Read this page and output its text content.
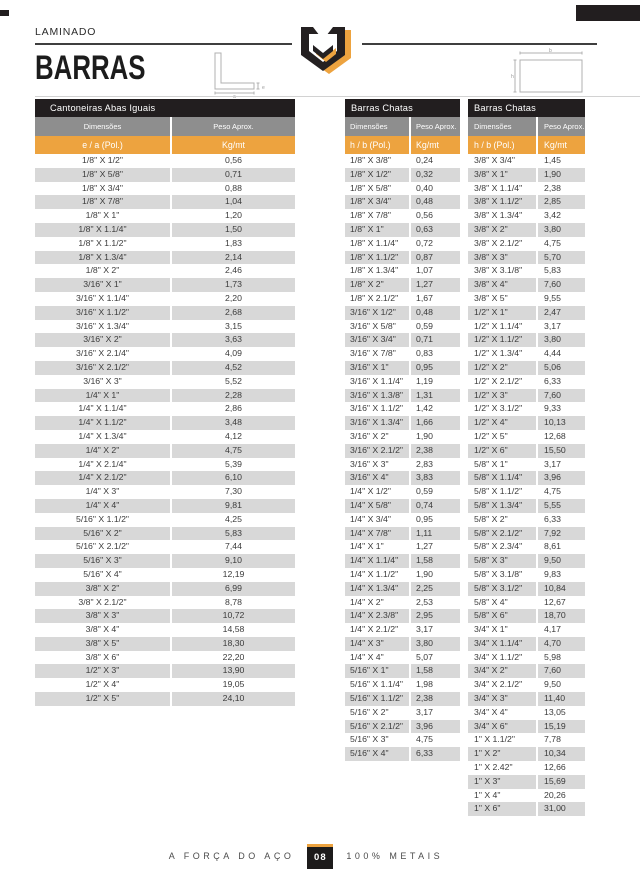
LAMINADO
BARRAS
e
b
h
Cantoneiras Abas Iguais
Dimensões	Peso Aprox.
e / a (Pol.)	Kg/mt
1/8" X 1/2"	0,56
1/8" X 5/8"	0,71
1/8" X 3/4"	0,88
1/8" X 7/8"	1,04
1/8" X 1"	1,20
1/8" X 1.1/4"	1,50
1/8" X 1.1/2"	1,83
1/8" X 1.3/4"	2,14
1/8" X 2"	2,46
3/16" X 1"	1,73
3/16" X 1.1/4"	2,20
3/16" X 1.1/2"	2,68
3/16" X 1.3/4"	3,15
3/16" X 2"	3,63
3/16" X 2.1/4"	4,09
3/16" X 2.1/2"	4,52
3/16" X 3"	5,52
1/4" X 1"	2,28
1/4" X 1.1/4"	2,86
1/4" X 1.1/2"	3,48
1/4" X 1.3/4"	4,12
1/4" X 2"	4,75
1/4" X 2.1/4"	5,39
1/4" X 2.1/2"	6,10
1/4" X 3"	7,30
1/4" X 4"	9,81
5/16" X 1.1/2"	4,25
5/16" X 2"	5,83
5/16" X 2.1/2"	7,44
5/16" X 3"	9,10
5/16" X 4"	12,19
3/8" X 2"	6,99
3/8" X 2.1/2"	8,78
3/8" X 3"	10,72
3/8" X 4"	14,58
3/8" X 5"	18,30
3/8" X 6"	22,20
1/2" X 3"	13,90
1/2" X 4"	19,05
1/2" X 5"	24,10
Barras Chatas
Dimensões	Peso Aprox.
h / b (Pol.)	Kg/mt
1/8" X 3/8"	0,24
1/8" X 1/2"	0,32
1/8" X 5/8"	0,40
1/8" X 3/4"	0,48
1/8" X 7/8"	0,56
1/8" X 1"	0,63
1/8" X 1.1/4"	0,72
1/8" X 1.1/2"	0,87
1/8" X 1.3/4"	1,07
1/8" X 2"	1,27
1/8" X 2.1/2"	1,67
3/16" X 1/2"	0,48
3/16" X 5/8"	0,59
3/16" X 3/4"	0,71
3/16" X 7/8"	0,83
3/16" X 1"	0,95
3/16" X 1.1/4"	1,19
3/16" X 1.3/8"	1,31
3/16" X 1.1/2"	1,42
3/16" X 1.3/4"	1,66
3/16" X 2"	1,90
3/16" X 2.1/2"	2,38
3/16" X 3"	2,83
3/16" X 4"	3,83
1/4" X 1/2"	0,59
1/4" X 5/8"	0,74
1/4" X 3/4"	0,95
1/4" X 7/8"	1,11
1/4" X 1"	1,27
1/4" X 1.1/4"	1,58
1/4" X 1.1/2"	1,90
1/4" X 1.3/4"	2,25
1/4" X 2"	2,53
1/4" X 2.3/8"	2,95
1/4" X 2.1/2"	3,17
1/4" X 3"	3,80
1/4" X 4"	5,07
5/16" X 1"	1,58
5/16" X 1.1/4"	1,98
5/16" X 1.1/2"	2,38
5/16" X 2"	3,17
5/16" X 2.1/2"	3,96
5/16" X 3"	4,75
5/16" X 4"	6,33
Barras Chatas
Dimensões	Peso Aprox.
h / b (Pol.)	Kg/mt
3/8" X 3/4"	1,45
3/8" X 1"	1,90
3/8" X 1.1/4"	2,38
3/8" X 1.1/2"	2,85
3/8" X 1.3/4"	3,42
3/8" X 2"	3,80
3/8" X 2.1/2"	4,75
3/8" X 3"	5,70
3/8" X 3.1/8"	5,83
3/8" X 4"	7,60
3/8" X 5"	9,55
1/2" X 1"	2,47
1/2" X 1.1/4"	3,17
1/2" X 1.1/2"	3,80
1/2" X 1.3/4"	4,44
1/2" X 2"	5,06
1/2" X 2.1/2"	6,33
1/2" X 3"	7,60
1/2" X 3.1/2"	9,33
1/2" X 4"	10,13
1/2" X 5"	12,68
1/2" X 6"	15,50
5/8" X 1"	3,17
5/8" X 1.1/4"	3,96
5/8" X 1.1/2"	4,75
5/8" X 1.3/4"	5,55
5/8" X 2"	6,33
5/8" X 2.1/2"	7,92
5/8" X 2.3/4"	8,61
5/8" X 3"	9,50
5/8" X 3.1/8"	9,83
5/8" X 3.1/2"	10,84
5/8" X 4"	12,67
5/8" X 6"	18,70
3/4" X 1"	4,17
3/4" X 1.1/4"	4,70
3/4" X 1.1/2"	5,98
3/4" X 2"	7,60
3/4" X 2.1/2"	9,50
3/4" X 3"	11,40
3/4" X 4"	13,05
3/4" X 6"	15,19
1" X 1.1/2"	7,78
1" X 2"	10,34
1" X 2.42"	12,66
1" X 3"	15,69
1" X 4"	20,26
1" X 6"	31,00
A FORÇA DO AÇO	08	100% METAIS
